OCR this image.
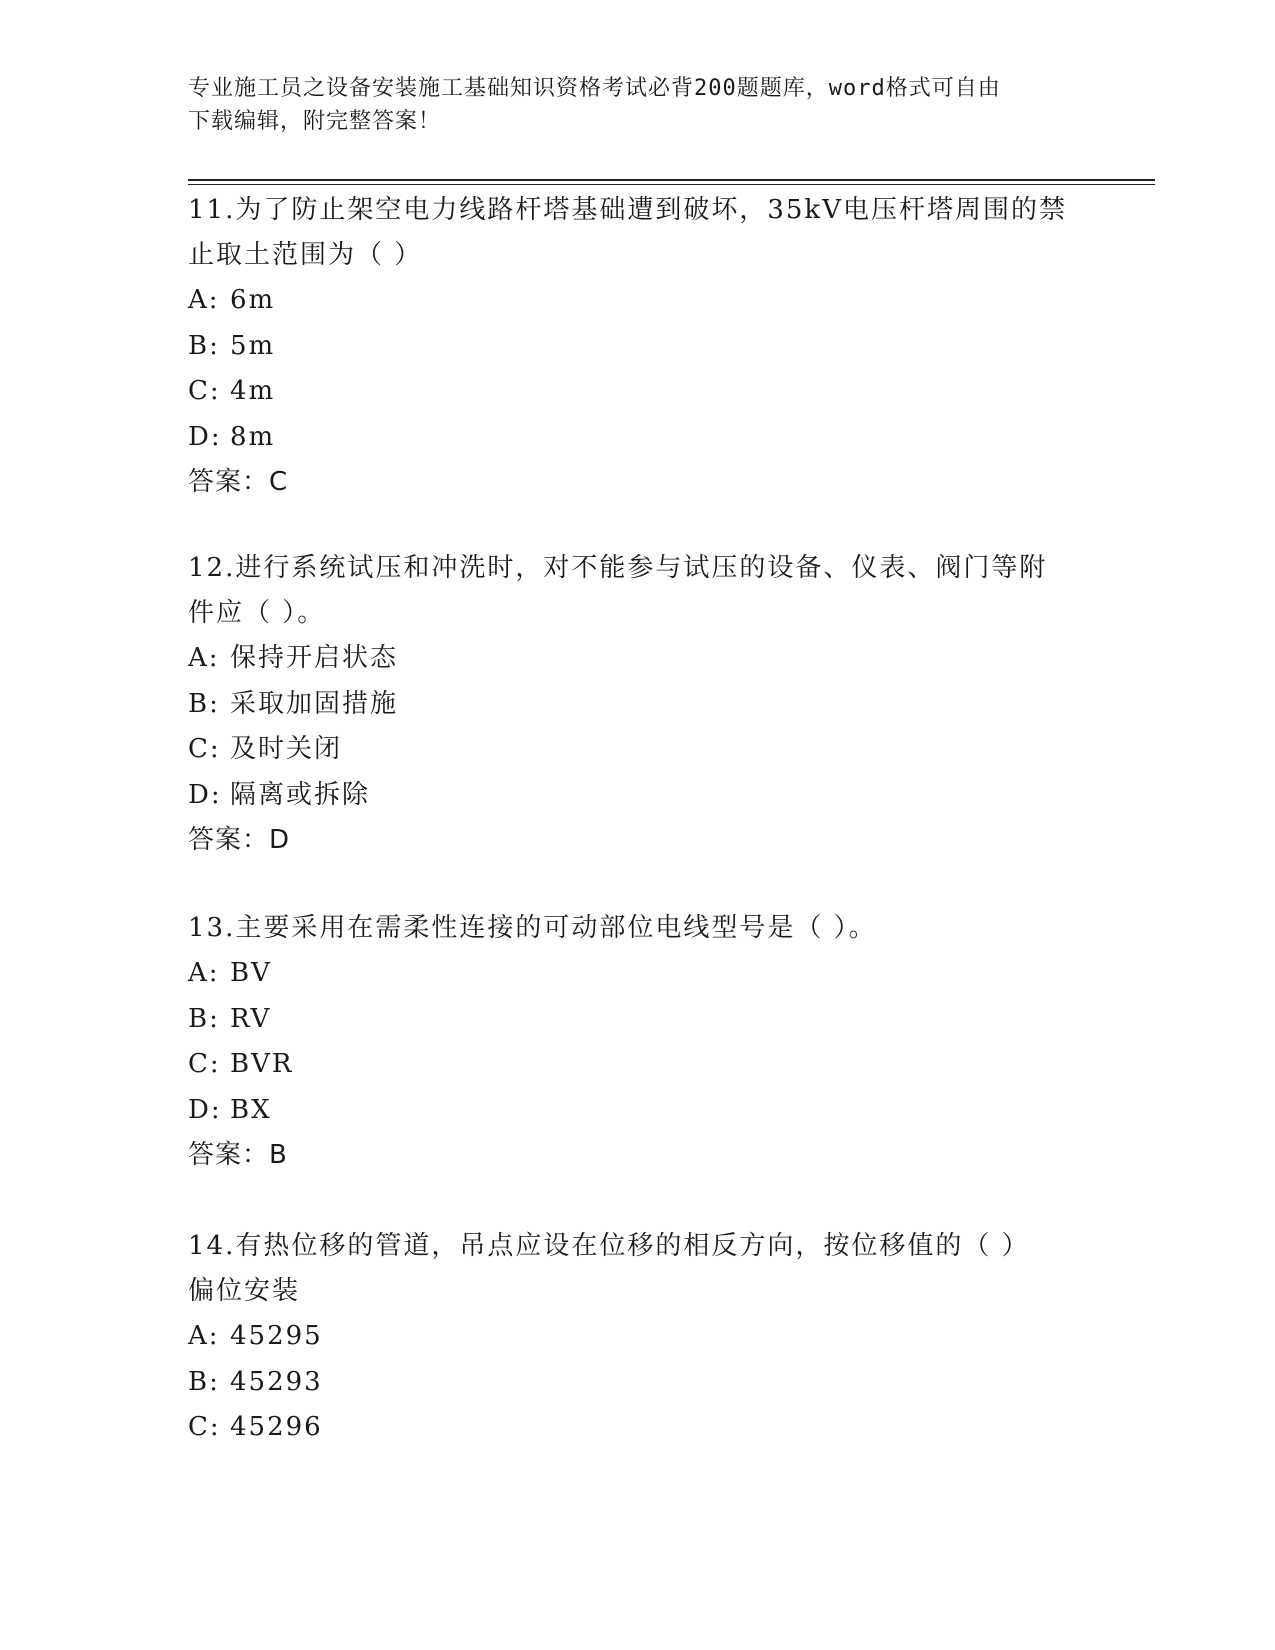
专业施工员之设备安装施工基础知识资格考试必背200题题库，word格式可自由
下载编辑，附完整答案！

11.为了防止架空电力线路杆塔基础遭到破坏，35kV电压杆塔周围的禁

止取土范围为（ ）

A: 6m

B: 5m

C: 4m

D: 8m

答案：C

12.进行系统试压和冲洗时，对不能参与试压的设备、仪表、阀门等附

件应（ ）。

A: 保持开启状态

B: 采取加固措施

C: 及时关闭

D: 隔离或拆除

答案：D

13.主要采用在需柔性连接的可动部位电线型号是（ ）。

A: BV

B: RV

C: BVR

D: BX

答案：B

14.有热位移的管道，吊点应设在位移的相反方向，按位移值的（ ）

偏位安装

A: 45295

B: 45293

C: 45296
